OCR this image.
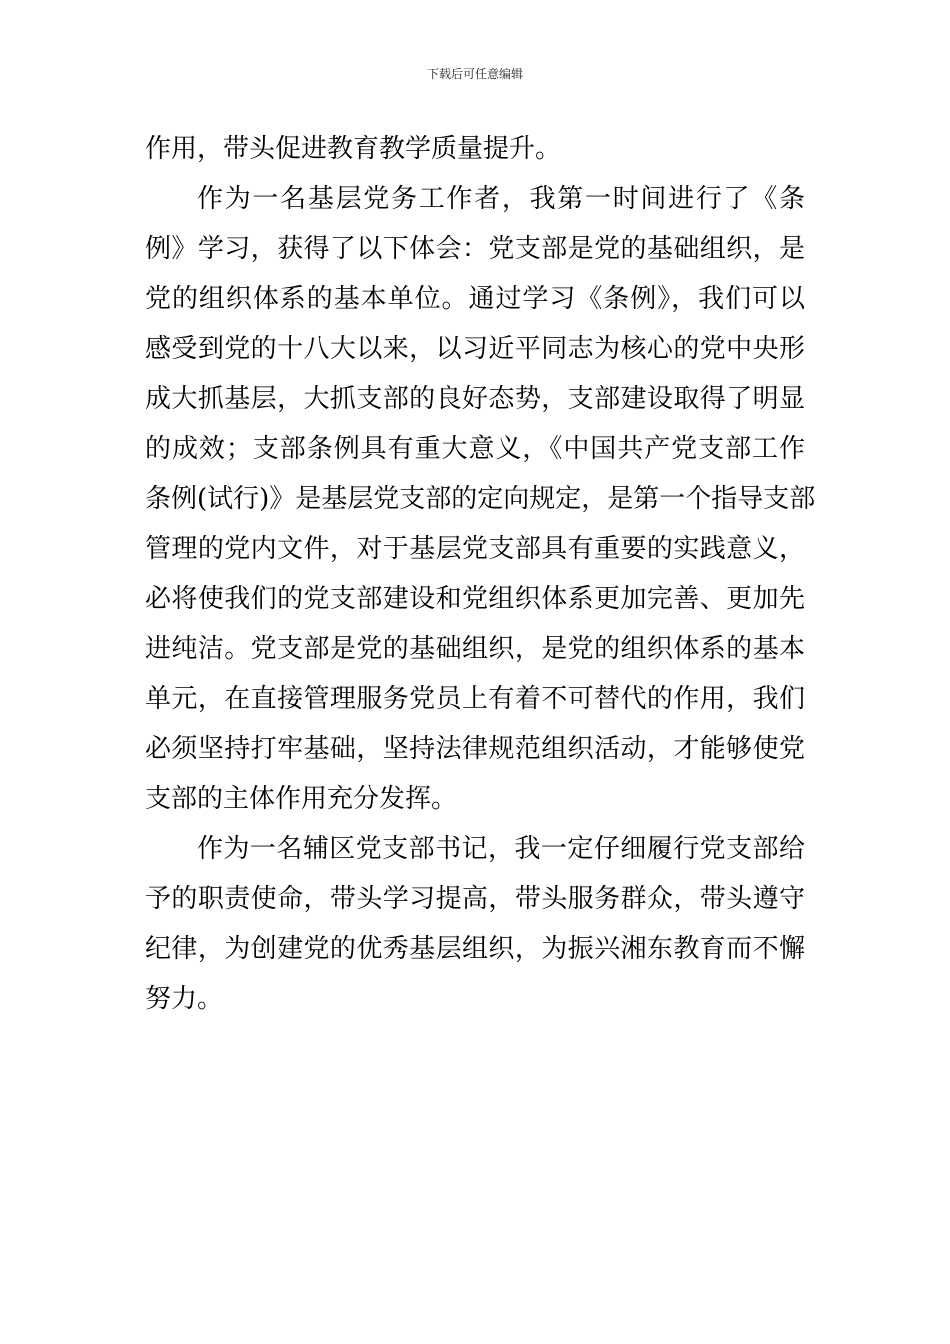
下载后可任意编辑
作用，带头促进教育教学质量提升。
作为一名基层党务工作者，我第一时间进行了《条
例》学习，获得了以下体会：党支部是党的基础组织，是
党的组织体系的基本单位。通过学习《条例》，我们可以
感受到党的十八大以来，以习近平同志为核心的党中央形
成大抓基层，大抓支部的良好态势，支部建设取得了明显
的成效；支部条例具有重大意义，《中国共产党支部工作
条例(试行)》是基层党支部的定向规定，是第一个指导支部
管理的党内文件，对于基层党支部具有重要的实践意义，
必将使我们的党支部建设和党组织体系更加完善、更加先
进纯洁。党支部是党的基础组织，是党的组织体系的基本
单元，在直接管理服务党员上有着不可替代的作用，我们
必须坚持打牢基础，坚持法律规范组织活动，才能够使党
支部的主体作用充分发挥。
作为一名辅区党支部书记，我一定仔细履行党支部给
予的职责使命，带头学习提高，带头服务群众，带头遵守
纪律，为创建党的优秀基层组织，为振兴湘东教育而不懈
努力。
